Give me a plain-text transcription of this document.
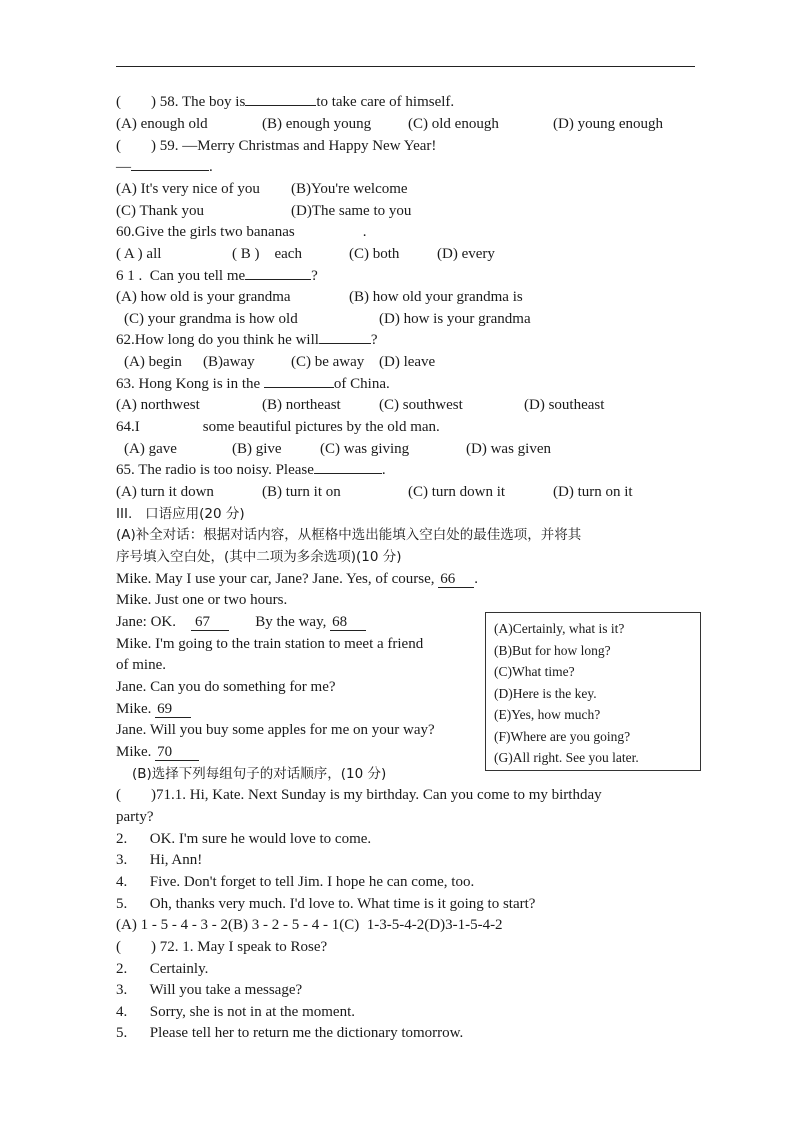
(        ) 58. The boy is	to take care of himself.
(A) enough old	(B) enough young (C) old enough	(D) young enough
(        ) 59. —Merry Christmas and Happy New Year!
—	.
(A) It's very nice of you (B)You're welcome
(C) Thank you	(D)The same to you
60.Give the girls two bananas	.
( A ) all	( B )    each	(C) both	(D) every
6 1 .  Can you tell me	?
(A) how old is your grandma	(B) how old your grandma is
(C) your grandma is how old	(D) how is your grandma
62.How long do you think he will	?
(A) begin (B)away (C) be away (D) leave
63. Hong Kong is in the	of China.
(A) northwest	(B) northeast	(C) southwest	(D) southeast
64.I	some beautiful pictures by the old man.
(A) gave	(B) give	(C) was giving	(D) was given
65. The radio is too noisy. Please	.
(A) turn it down	(B) turn it on	(C) turn down it	(D) turn on it
III.   口语应用(20 分)
(A)补全对话：根据对话内容，从框格中选出能填入空白处的最佳选项，并将其
序号填入空白处，(其中二项为多余选项)(10 分)
Mike. May I use your car, Jane? Jane. Yes, of course, 66 .
Mike. Just one or two hours.
Jane: OK. 67	By the way, 68
Mike. I'm going to the train station to meet a friend
of mine.
Jane. Can you do something for me?
Mike. 69
Jane. Will you buy some apples for me on your way?
Mike. 70
(A)Certainly, what is it?
(B)But for how long?
(C)What time?
(D)Here is the key.
(E)Yes, how much?
(F)Where are you going?
(G)All right. See you later.
(B)选择下列每组句子的对话顺序，(10 分)
(        )71.1. Hi, Kate. Next Sunday is my birthday. Can you come to my birthday
party?
2.      OK. I'm sure he would love to come.
3.      Hi, Ann!
4.      Five. Don't forget to tell Jim. I hope he can come, too.
5.      Oh, thanks very much. I'd love to. What time is it going to start?
(A) 1 - 5 - 4 - 3 - 2(B) 3 - 2 - 5 - 4 - 1(C)  1-3-5-4-2(D)3-1-5-4-2
(        ) 72. 1. May I speak to Rose?
2.      Certainly.
3.      Will you take a message?
4.      Sorry, she is not in at the moment.
5.      Please tell her to return me the dictionary tomorrow.
